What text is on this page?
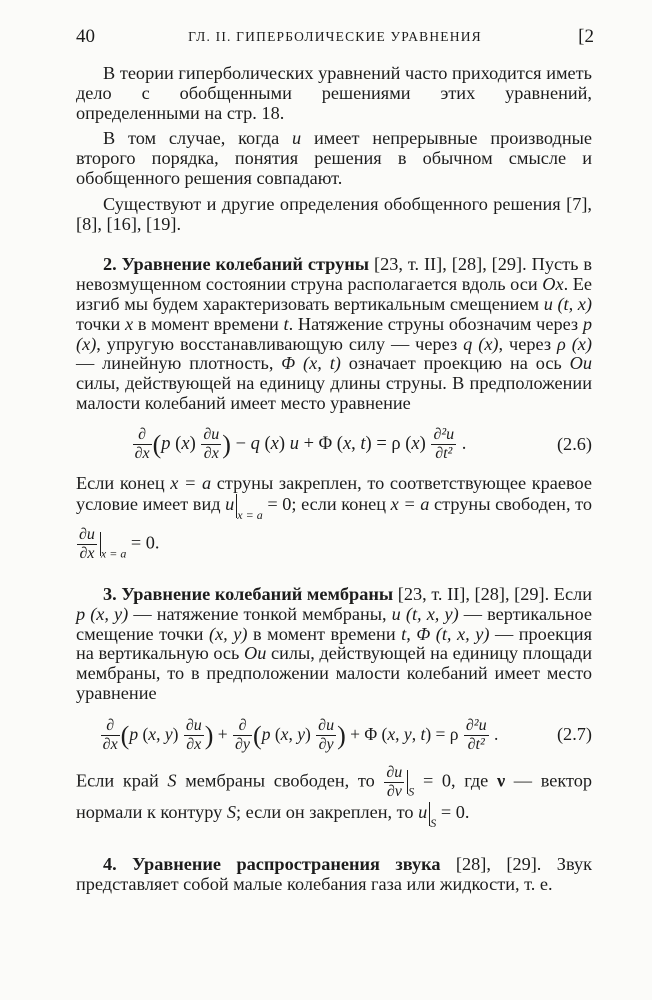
40	ГЛ. II. ГИПЕРБОЛИЧЕСКИЕ УРАВНЕНИЯ	[2

В теории гиперболических уравнений часто приходится иметь дело с обобщенными решениями этих уравнений, определенными на стр. 18.

В том случае, когда u имеет непрерывные производные второго порядка, понятия решения в обычном смысле и обобщенного решения совпадают.

Существуют и другие определения обобщенного решения [7], [8], [16], [19].

2. Уравнение колебаний струны [23, т. II], [28], [29]. Пусть в невозмущенном состоянии струна располагается вдоль оси Ox. Ее изгиб мы будем характеризовать вертикальным смещением u (t, x) точки x в момент времени t. Натяжение струны обозначим через p (x), упругую восстанавливающую силу — через q (x), через ρ (x) — линейную плотность, Φ (x, t) означает проекцию на ось Ou силы, действующей на единицу длины струны. В предположении малости колебаний имеет место уравнение

$\frac{\partial}{\partial x} (p$ $(x) \frac{\partial u}{\partial x}$ ) − q (x) u + Φ (x, t) = ρ $(x) \frac{\text{∂²u}}{\text{∂t²}}$ .	(2.6)

Если конец x = a струны закреплен, то соответствующее краевое условие имеет вид $u_{x = a} = 0$; если конец x = a струны свободен, то
$\frac{\partial u}{\partial x} _{x = a} = 0$.

3. Уравнение колебаний мембраны [23, т. II], [28], [29]. Если p (x, y) — натяжение тонкой мембраны, u (t, x, y) — вертикальное смещение точки (x, y) в момент времени t, Φ (t, x, y) — проекция на вертикальную ось Ou силы, действующей на единицу площади мембраны, то в предположении малости колебаний имеет место уравнение

$\frac{\partial}{\partial x} (p$ (x, $y) \frac{\partial u}{\partial x}$ ) + $\frac{\partial}{\partial y} (p$ (x, $y) \frac{\partial u}{\partial y}$ ) + Φ (x, y, t) = ρ $\frac{\text{∂²u}}{\text{∂t²}}$ .	(2.7)

Если край S мембраны свободен, то $\frac{\partial u}{\partial\nu} _S = 0$, где ν — вектор нормали к контуру S; если он закреплен, то $u_S = 0$.

4. Уравнение распространения звука [28], [29]. Звук представляет собой малые колебания газа или жидкости, т. е.
